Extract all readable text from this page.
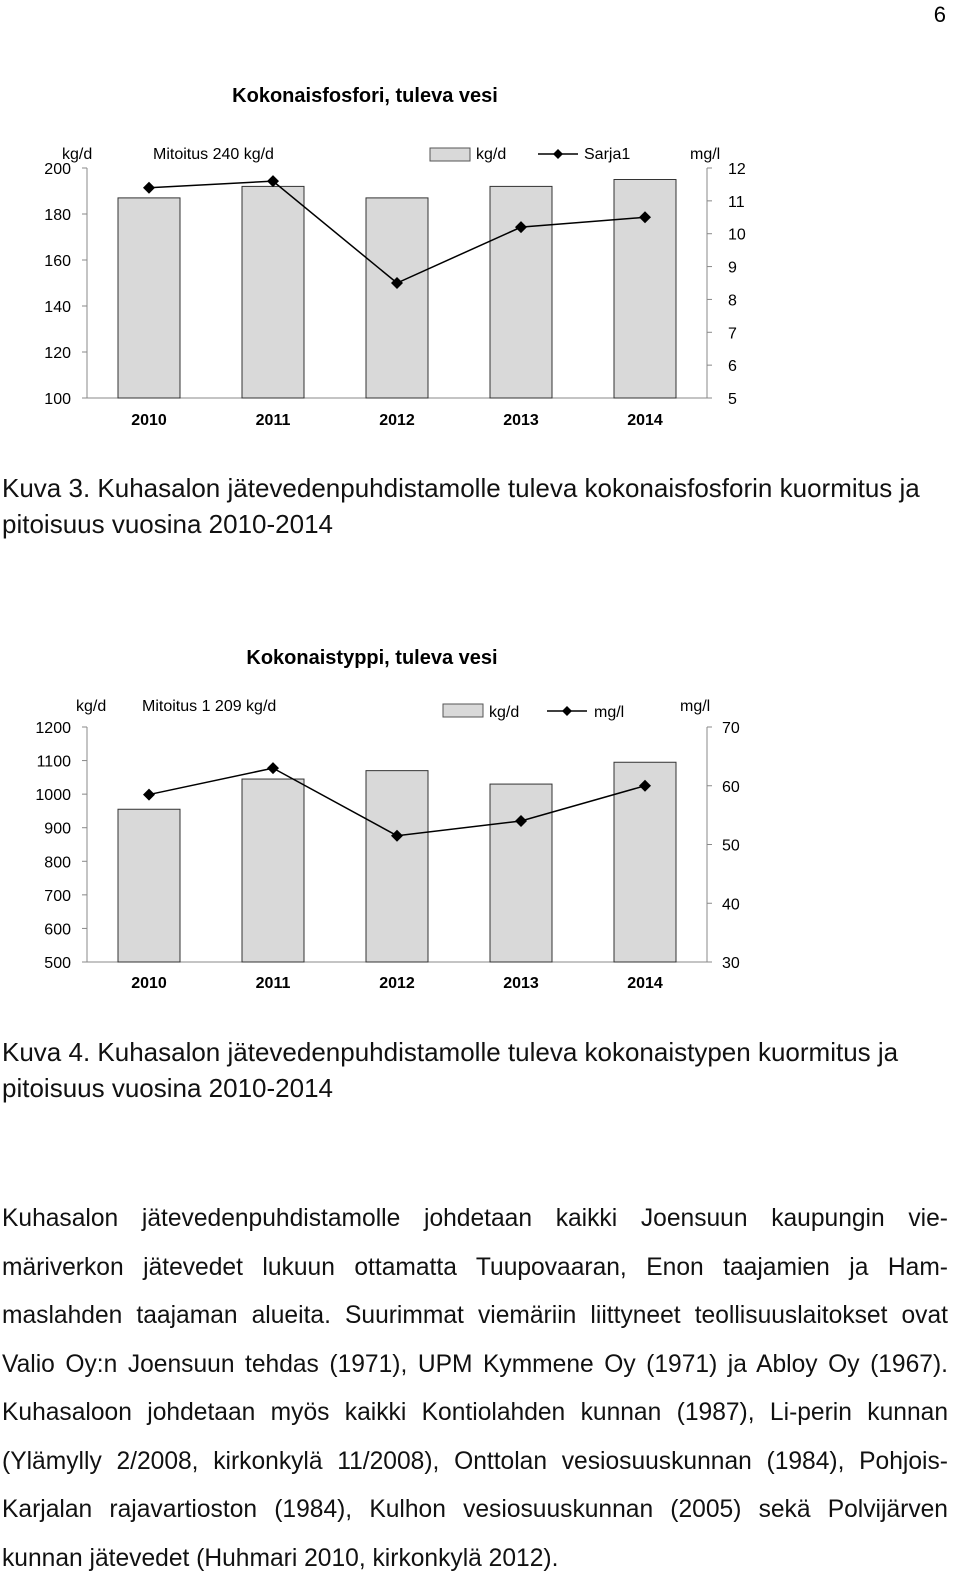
6
Kokonaisfosfori, tuleva vesi
kg/d	Mitoitus 240 kg/d	kg/d	Sarja1	mg/l
100
120
140
160
180
200
5
6
7
8
9
10
11
12
2010	2011	2012	2013	2014
Kuva 3. Kuhasalon jätevedenpuhdistamolle tuleva kokonaisfosforin kuormitus ja pitoisuus vuosina 2010-2014
Kokonaistyppi, tuleva vesi
kg/d Mitoitus 1 209 kg/d	kg/d	mg/l	mg/l
500
600
700
800
900
1000
1100
1200
30
40
50
60
70
2010	2011	2012	2013	2014
Kuva 4. Kuhasalon jätevedenpuhdistamolle tuleva kokonaistypen kuormitus ja pitoisuus vuosina 2010-2014

Kuhasalon jätevedenpuhdistamolle johdetaan kaikki Joensuun kaupungin vie-märiverkon jätevedet lukuun ottamatta Tuupovaaran, Enon taajamien ja Ham-maslahden taajaman alueita. Suurimmat viemäriin liittyneet teollisuuslaitokset ovat Valio Oy:n Joensuun tehdas (1971), UPM Kymmene Oy (1971) ja Abloy Oy (1967). Kuhasaloon johdetaan myös kaikki Kontiolahden kunnan (1987), Li-perin kunnan (Ylämylly 2/2008, kirkonkylä 11/2008), Onttolan vesiosuuskunnan (1984), Pohjois-Karjalan rajavartioston (1984), Kulhon vesiosuuskunnan (2005) sekä Polvijärven kunnan jätevedet (Huhmari 2010, kirkonkylä 2012).
